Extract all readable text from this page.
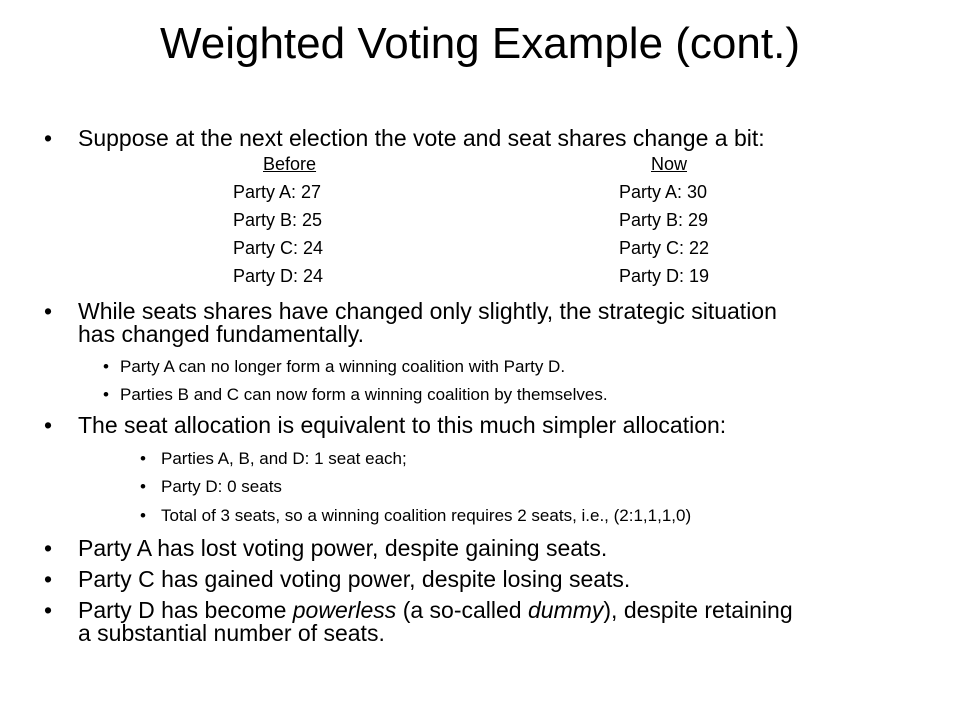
Weighted Voting Example (cont.)
• Suppose at the next election the vote and seat shares change a bit:
Before	Now
Party A: 27
Party B: 25
Party C: 24
Party D: 24
Party A: 30
Party B: 29
Party C: 22
Party D: 19
• While seats shares have changed only slightly, the strategic situation
has changed fundamentally.
• Party A can no longer form a winning coalition with Party D.
• Parties B and C can now form a winning coalition by themselves.
• The seat allocation is equivalent to this much simpler allocation:
• Parties A, B, and D: 1 seat each;
• Party D: 0 seats
• Total of 3 seats, so a winning coalition requires 2 seats, i.e., (2:1,1,1,0)
• Party A has lost voting power, despite gaining seats.
• Party C has gained voting power, despite losing seats.
• Party D has become powerless (a so-called dummy), despite retaining
a substantial number of seats.
